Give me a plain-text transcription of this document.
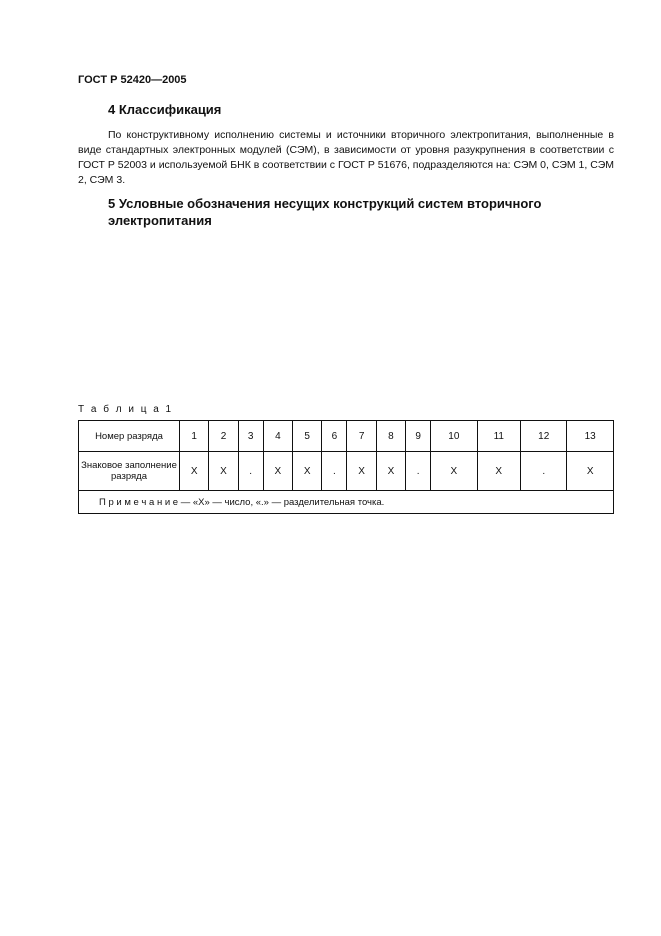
ГОСТ Р 52420—2005
4 Классификация

По конструктивному исполнению системы и источники вторичного электропитания, выполненные в виде стандартных электронных модулей (СЭМ), в зависимости от уровня разукрупнения в соответствии с ГОСТ Р 52003 и используемой БНК в соответствии с ГОСТ Р 51676, подразделяются на: СЭМ 0, СЭМ 1, СЭМ 2, СЭМ 3.

5 Условные обозначения несущих конструкций систем вторичного электропитания
Т а б л и ц а 1
Номер разряда	1	2	3	4	5	6	7	8	9	10	11	12	13
Знаковое заполнение разряда	X	X	.	X	X	.	X	X	.	X	X	.	X
П р и м е ч а н и е — «X» — число, «.» — разделительная точка.													
